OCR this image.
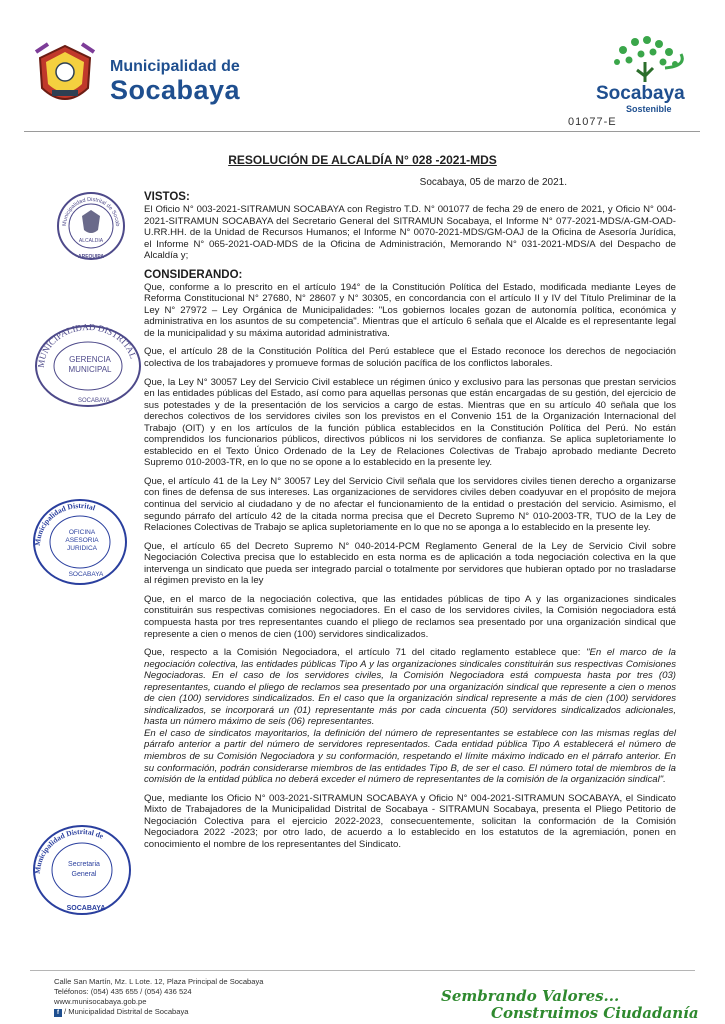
Municipalidad de
Socabaya	Socabaya
Sostenible
01077-E
RESOLUCIÓN DE ALCALDÍA N° 028 -2021-MDS
Socabaya, 05 de marzo de 2021.
Municipalidad Distrital de Socab
ALCALDIA
AREQUIPA
MUNICIPALIDAD DISTRITAL
GERENCIA
MUNICIPAL
SOCABAYA
Municipalidad Distrital
OFICINA
ASESORIA
JURIDICA
SOCABAYA
Municipalidad Distrital de
Secretaria
General
SOCABAYA
VISTOS:

El Oficio N° 003-2021-SITRAMUN SOCABAYA con Registro T.D. N° 001077 de fecha 29 de enero de 2021, y Oficio N° 004-2021-SITRAMUN SOCABAYA del Secretario General del SITRAMUN Socabaya, el Informe N° 077-2021-MDS/A-GM-OAD-U.RR.HH. de la Unidad de Recursos Humanos; el Informe N° 0070-2021-MDS/GM-OAJ de la Oficina de Asesoría Jurídica, el Informe N° 065-2021-OAD-MDS de la Oficina de Administración, Memorando N° 031-2021-MDS/A del Despacho de Alcaldía y;

CONSIDERANDO:

Que, conforme a lo prescrito en el artículo 194° de la Constitución Política del Estado, modificada mediante Leyes de Reforma Constitucional N° 27680, N° 28607 y N° 30305, en concordancia con el artículo II y IV del Título Preliminar de la Ley N° 27972 – Ley Orgánica de Municipalidades: "Los gobiernos locales gozan de autonomía política, económica y administrativa en los asuntos de su competencia". Mientras que el artículo 6 señala que el Alcalde es el representante legal de la municipalidad y su máxima autoridad administrativa.

Que, el artículo 28 de la Constitución Política del Perú establece que el Estado reconoce los derechos de negociación colectiva de los trabajadores y promueve formas de solución pacífica de los conflictos laborales.

Que, la Ley N° 30057 Ley del Servicio Civil establece un régimen único y exclusivo para las personas que prestan servicios en las entidades públicas del Estado, así como para aquellas personas que están encargadas de su gestión, del ejercicio de sus potestades y de la presentación de los servicios a cargo de estas. Mientras que en su artículo 40 señala que los derechos colectivos de los servidores civiles son los previstos en el Convenio 151 de la Organización Internacional del Trabajo (OIT) y en los artículos de la función pública establecidos en la Constitución Política del Perú. No están comprendidos los funcionarios públicos, directivos públicos ni los servidores de confianza. Se aplica supletoriamente lo establecido en el Texto Único Ordenado de la Ley de Relaciones Colectivas de Trabajo aprobado mediante Decreto Supremo 010-2003-TR, en lo que no se opone a lo establecido en la presente ley.

Que, el artículo 41 de la Ley N° 30057 Ley del Servicio Civil señala que los servidores civiles tienen derecho a organizarse con fines de defensa de sus intereses. Las organizaciones de servidores civiles deben coadyuvar en el propósito de mejora continua del servicio al ciudadano y de no afectar el funcionamiento de la entidad o prestación del servicio. Asimismo, el segundo párrafo del artículo 42 de la citada norma precisa que el Decreto Supremo N° 010-2003-TR, TUO de la Ley de Relaciones Colectivas de Trabajo se aplica supletoriamente en lo que no se aponga a lo establecido en la presente ley.

Que, el artículo 65 del Decreto Supremo N° 040-2014-PCM Reglamento General de la Ley de Servicio Civil sobre Negociación Colectiva precisa que lo establecido en esta norma es de aplicación a toda negociación colectiva en la que intervenga un sindicato que pueda ser integrado parcial o totalmente por servidores que hubieran optado por no trasladarse al régimen previsto en la ley

Que, en el marco de la negociación colectiva, que las entidades públicas de tipo A y las organizaciones sindicales constituirán sus respectivas comisiones negociadores. En el caso de los servidores civiles, la Comisión negociadora está compuesta hasta por tres representantes cuando el pliego de reclamos sea presentado por una organización sindical que represente a cien o menos de cien (100) servidores sindicalizados.

Que, respecto a la Comisión Negociadora, el artículo 71 del citado reglamento establece que: "En el marco de la negociación colectiva, las entidades públicas Tipo A y las organizaciones sindicales constituirán sus respectivas Comisiones Negociadoras. En el caso de los servidores civiles, la Comisión Negociadora está compuesta hasta por tres (03) representantes, cuando el pliego de reclamos sea presentado por una organización sindical que represente a cien o menos de cien (100) servidores sindicalizados. En el caso que la organización sindical represente a más de cien (100) servidores sindicalizados, se incorporará un (01) representante más por cada cincuenta (50) servidores sindicalizados adicionales, hasta un número máximo de seis (06) representantes.

En el caso de sindicatos mayoritarios, la definición del número de representantes se establece con las mismas reglas del párrafo anterior a partir del número de servidores representados. Cada entidad pública Tipo A establecerá el número de miembros de su Comisión Negociadora y su conformación, respetando el límite máximo indicado en el párrafo anterior. En su conformación, podrán considerarse miembros de las entidades Tipo B, de ser el caso. El número total de miembros de la comisión de la entidad pública no deberá exceder el número de representantes de la comisión de la organización sindical".

Que, mediante los Oficio N° 003-2021-SITRAMUN SOCABAYA y Oficio N° 004-2021-SITRAMUN SOCABAYA, el Sindicato Mixto de Trabajadores de la Municipalidad Distrital de Socabaya - SITRAMUN Socabaya, presenta el Pliego Petitorio de Negociación Colectiva para el ejercicio 2022-2023, consecuentemente, solicitan la conformación de la Comisión Negociadora 2022 -2023; por otro lado, de acuerdo a lo establecido en los estatutos de la agremiación, ponen en conocimiento el nombre de los representantes del Sindicato.

Calle San Martín, Mz. L Lote. 12, Plaza Principal de Socabaya
Teléfonos: (054) 435 655 / (054) 436 524
www.munisocabaya.gob.pe
f / Municipalidad Distrital de Socabaya
Sembrando Valores...
Construimos Ciudadanía
